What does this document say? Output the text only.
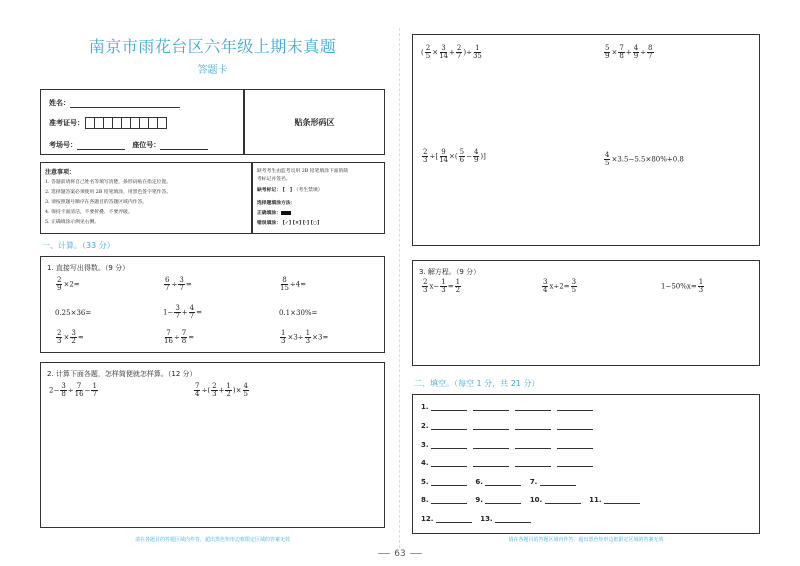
南京市雨花台区六年级上期末真题
答题卡
姓名：
准考证号：
考场号：	座位号：
贴条形码区
注意事项：
1. 答题前请将自己姓名等填写清楚，条形码贴在指定位置。
2. 选择题答案必须使用 2B 铅笔填涂，用黑色签字笔作答。
3. 请按照题号顺序在各题目的答题区域内作答。
4. 保持卡面清洁，不要折叠、不要弄破。
5. 正确填涂示例见右侧。
缺考考生由监考员用 2B 铅笔填涂下面的缺
考标记并签名。
缺考标记： [   ] （考生禁填）
选择题填涂方法：
正确填涂：
错误填涂： [✓] [×] [·] [○]
一、计算。（33 分）
1. 直接写出得数。（9 分）
$\frac{2}{9} \times 2=$	$\frac{6}{7} \div \frac{3}{7}$ =	$\frac{8}{15} \div 4=$
0.25×36=	$1- \frac{3}{7} + \frac{4}{7}$ =	0.1×30%=
$\frac{2}{3} \times \frac{3}{2}$ =	$\frac{7}{16} \div \frac{7}{8}$ =	$\frac{1}{3} \times 3\div \frac{1}{3} \times 3=$
2. 计算下面各题，怎样简便就怎样算。（12 分）
$2- \frac{3}{8} \div \frac{7}{16} - \frac{1}{7}$	$\frac{7}{4}$ ÷( $\frac{2}{3} + \frac{1}{2}$ )× $\frac{4}{5}$
( $\frac{2}{5} \times \frac{3}{14} + \frac{2}{7}$ )÷ $\frac{1}{35}$	$\frac{5}{9} \times \frac{7}{8} + \frac{4}{9} \div \frac{8}{7}$
$\frac{2}{3}$ ÷[ $\frac{9}{14}$ ×( $\frac{5}{6} - \frac{4}{9}$ )]	$\frac{4}{5} \times 3.5-5.5\times 80\%+0.8$
3. 解方程。（9 分）
$\frac{2}{3} x- \frac{1}{3} = \frac{1}{2}$	$\frac{3}{4} x\div 2= \frac{3}{5}$	$1-50\%x= \frac{1}{3}$
二、填空。（每空 1 分，共 21 分）
1.
2.
3.
4.
5.	6.	7.
8.	9.	10.	11.
12.	13.
请在各题目的答题区域内作答，超出黑色矩形边框限定区域的答案无效	请在各题目的答题区域内作答，超出黑色矩形边框限定区域的答案无效
63
